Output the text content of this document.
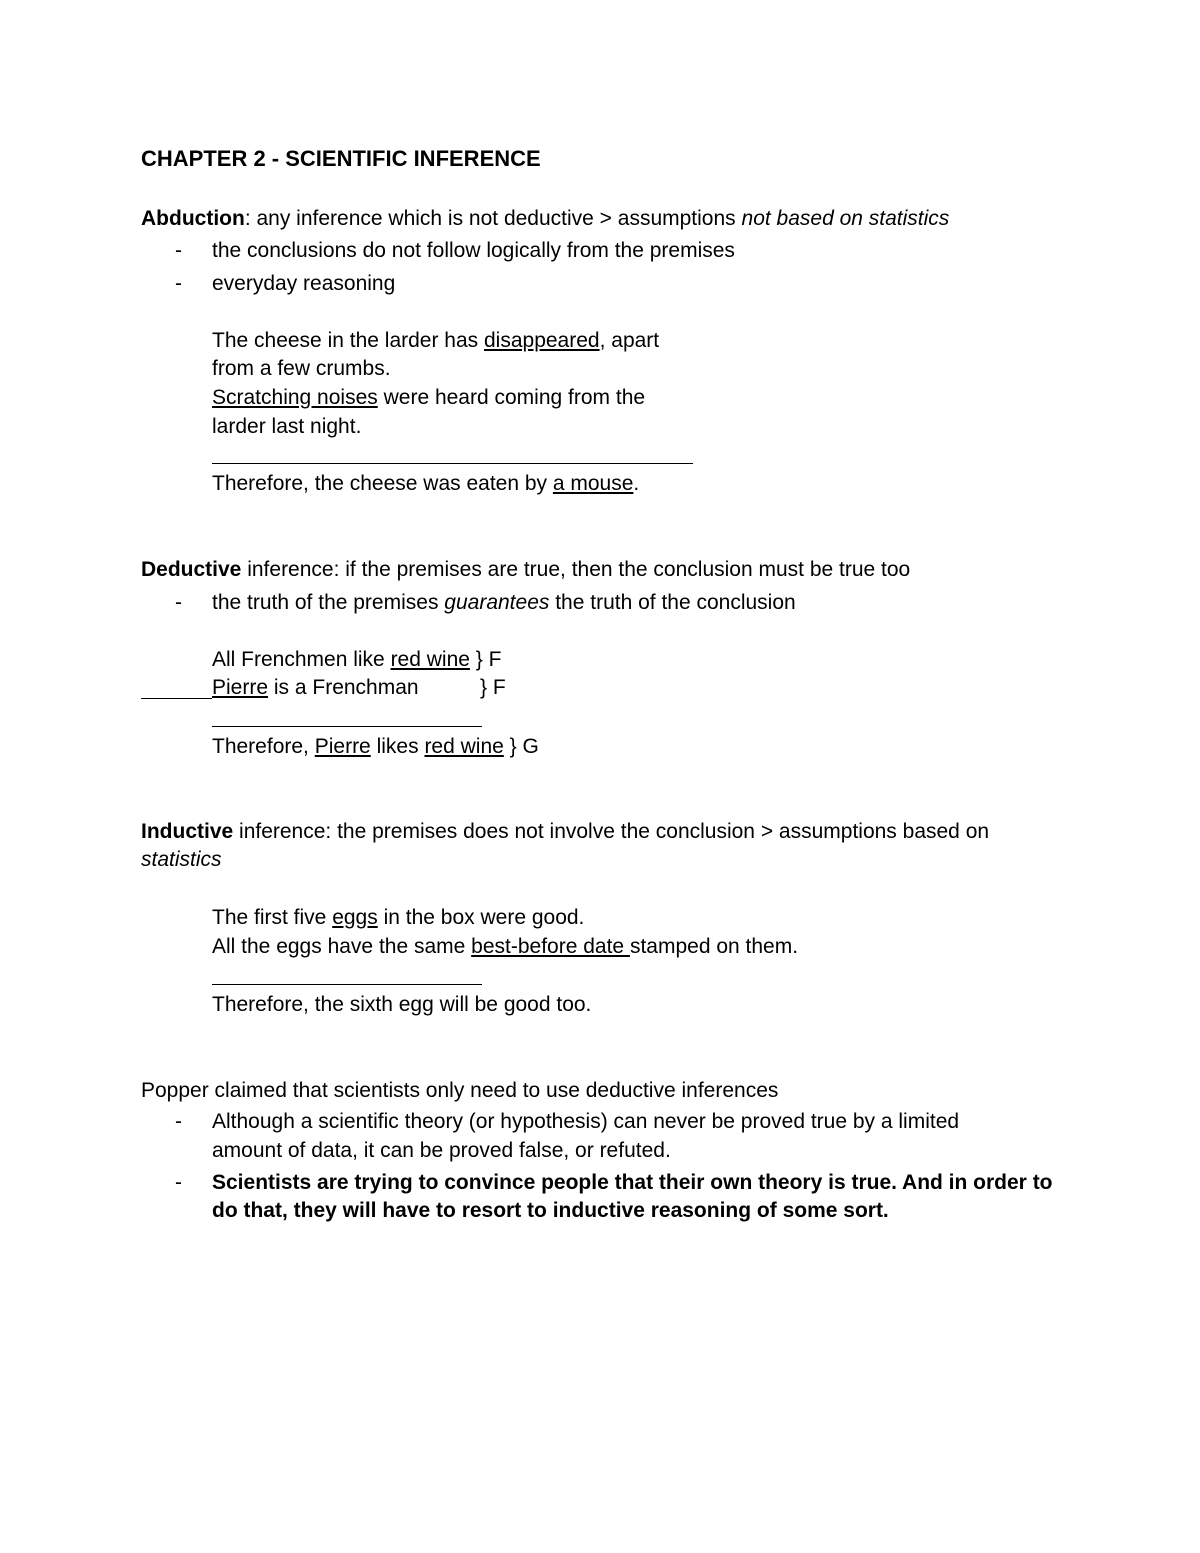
CHAPTER 2 - SCIENTIFIC INFERENCE
Abduction: any inference which is not deductive > assumptions not based on statistics
- the conclusions do not follow logically from the premises
- everyday reasoning
The cheese in the larder has disappeared, apart
from a few crumbs.
Scratching noises were heard coming from the
larder last night.
Therefore, the cheese was eaten by a mouse.
Deductive inference: if the premises are true, then the conclusion must be true too
- the truth of the premises guarantees the truth of the conclusion
All Frenchmen like red wine } F
Pierre is a Frenchman	} F
Therefore, Pierre likes red wine } G
Inductive inference: the premises does not involve the conclusion > assumptions based on
statistics
The first five eggs in the box were good.
All the eggs have the same best-before date stamped on them.
Therefore, the sixth egg will be good too.
Popper claimed that scientists only need to use deductive inferences
- Although a scientific theory (or hypothesis) can never be proved true by a limited
amount of data, it can be proved false, or refuted.
- Scientists are trying to convince people that their own theory is true. And in order to
do that, they will have to resort to inductive reasoning of some sort.
